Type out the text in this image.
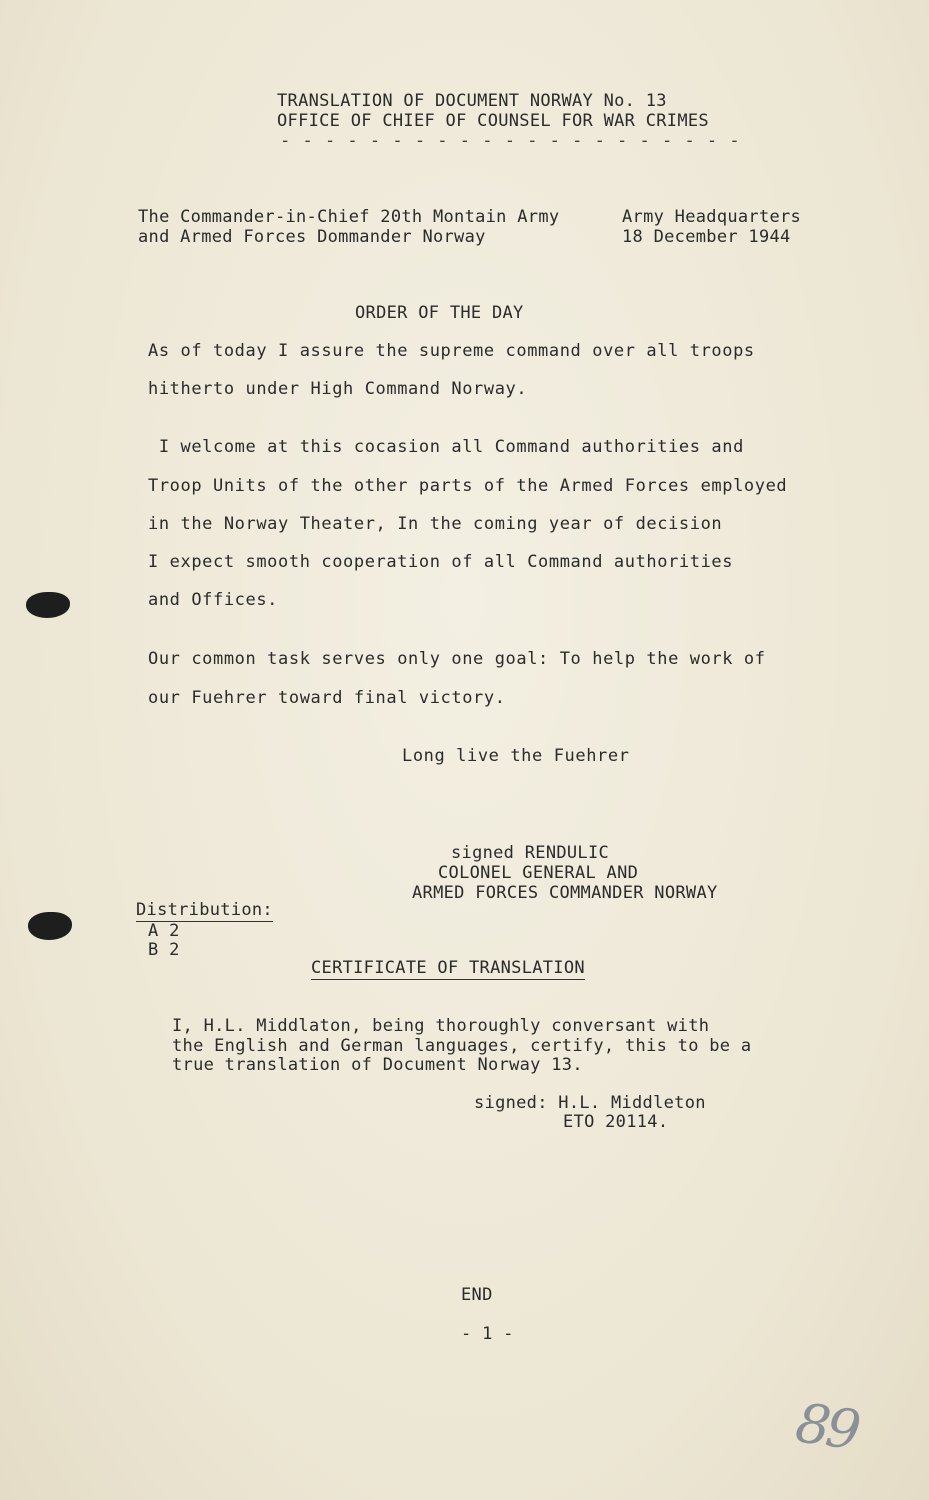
TRANSLATION OF DOCUMENT NORWAY No. 13
OFFICE OF CHIEF OF COUNSEL FOR WAR CRIMES
- - - - - - - - - - - - - - - - - - - - -
The Commander-in-Chief 20th Montain Army
and Armed Forces Dommander Norway
Army Headquarters
18 December 1944
ORDER OF THE DAY
As of today I assure the supreme command over all troops
hitherto under High Command Norway.
I welcome at this cocasion all Command authorities and
Troop Units of the other parts of the Armed Forces employed
in the Norway Theater, In the coming year of decision
I expect smooth cooperation of all Command authorities
and Offices.
Our common task serves only one goal: To help the work of
our Fuehrer toward final victory.
Long live the Fuehrer
signed RENDULIC
COLONEL GENERAL AND
ARMED FORCES COMMANDER NORWAY
Distribution:
A 2
B 2
CERTIFICATE OF TRANSLATION
I, H.L. Middlaton, being thoroughly conversant with
the English and German languages, certify, this to be a
true translation of Document Norway 13.
signed: H.L. Middleton
ETO 20114.
END
- 1 -
89
